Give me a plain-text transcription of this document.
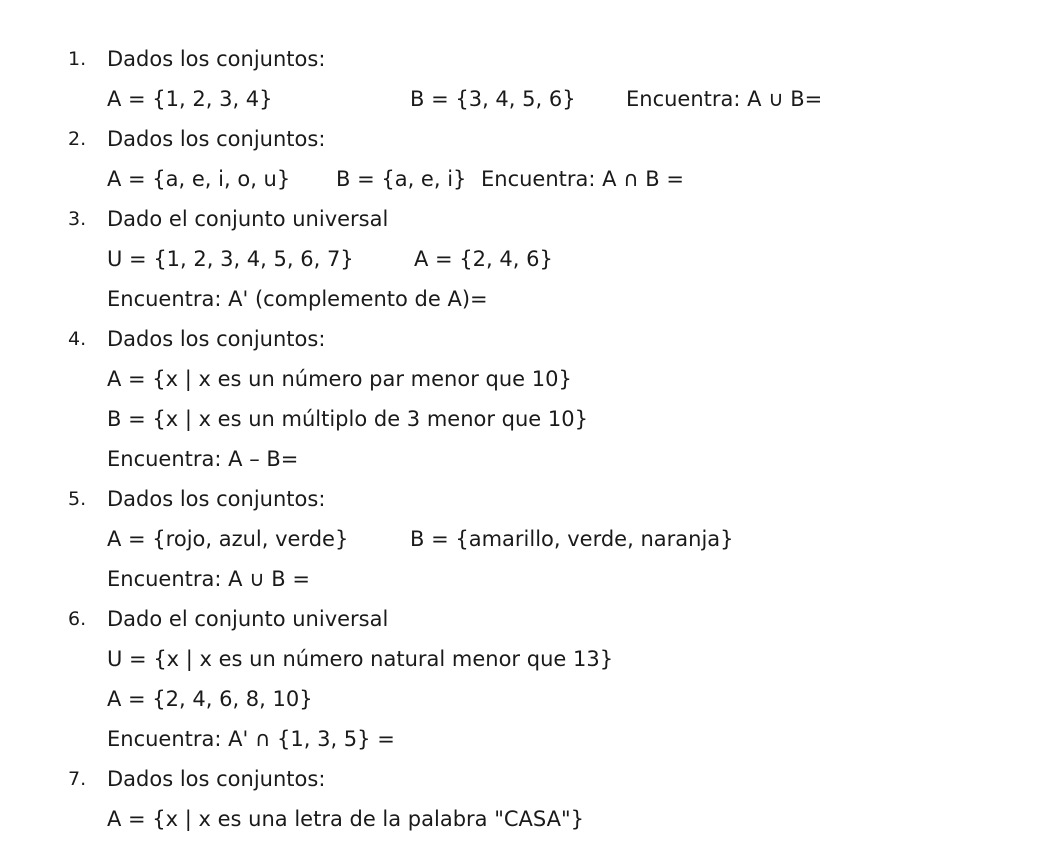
1. Dados los conjuntos:
A = {1, 2, 3, 4}	B = {3, 4, 5, 6} Encuentra: A ∪ B=
2. Dados los conjuntos:
A = {a, e, i, o, u} B = {a, e, i} Encuentra: A ∩ B =
3. Dado el conjunto universal
U = {1, 2, 3, 4, 5, 6, 7}	A = {2, 4, 6}
Encuentra: A' (complemento de A)=
4. Dados los conjuntos:
A = {x | x es un número par menor que 10}
B = {x | x es un múltiplo de 3 menor que 10}
Encuentra: A – B=
5. Dados los conjuntos:
A = {rojo, azul, verde}	B = {amarillo, verde, naranja}
Encuentra: A ∪ B =
6. Dado el conjunto universal
U = {x | x es un número natural menor que 13}
A = {2, 4, 6, 8, 10}
Encuentra: A' ∩ {1, 3, 5} =
7. Dados los conjuntos:
A = {x | x es una letra de la palabra "CASA"}
